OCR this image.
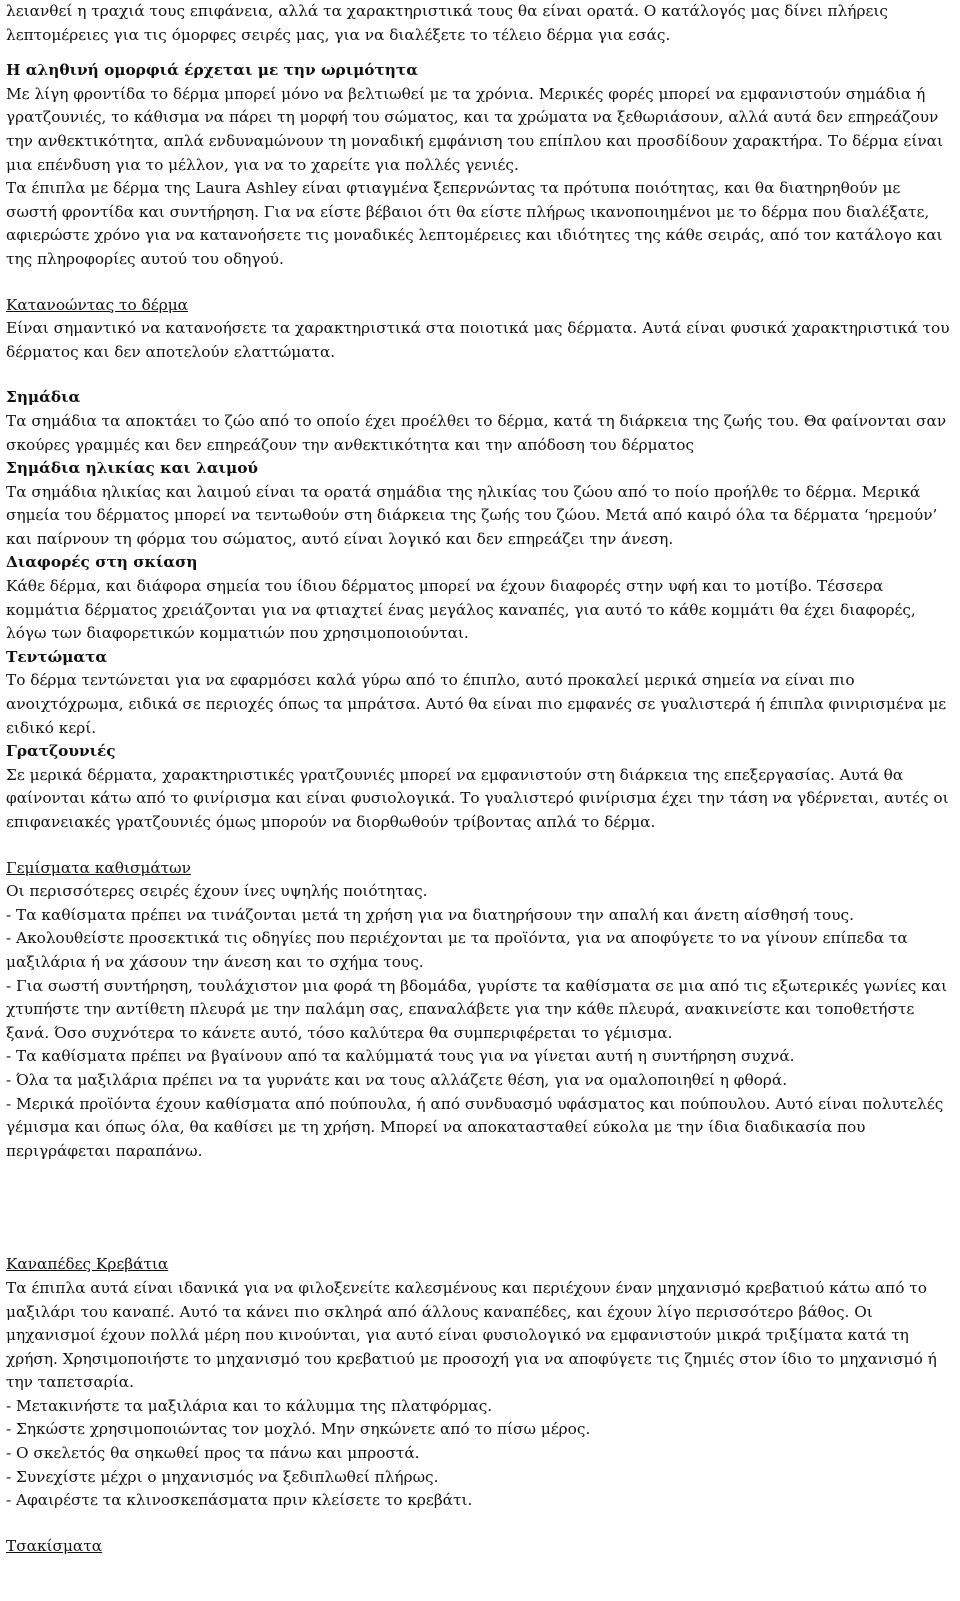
λειανθεί η τραχιά τους επιφάνεια, αλλά τα χαρακτηριστικά τους θα είναι ορατά. Ο κατάλογός μας δίνει πλήρεις

λεπτομέρειες για τις όμορφες σειρές μας, για να διαλέξετε το τέλειο δέρμα για εσάς.

Η αληθινή ομορφιά έρχεται με την ωριμότητα

Με λίγη φροντίδα το δέρμα μπορεί μόνο να βελτιωθεί με τα χρόνια. Μερικές φορές μπορεί να εμφανιστούν σημάδια ή γρατζουνιές, το κάθισμα να πάρει τη μορφή του σώματος, και τα χρώματα να ξεθωριάσουν, αλλά αυτά δεν επηρεάζουν την ανθεκτικότητα, απλά ενδυναμώνουν τη μοναδική εμφάνιση του επίπλου και προσδίδουν χαρακτήρα. Το δέρμα είναι μια επένδυση για το μέλλον, για να το χαρείτε για πολλές γενιές.

Τα έπιπλα με δέρμα της Laura Ashley είναι φτιαγμένα ξεπερνώντας τα πρότυπα ποιότητας, και θα διατηρηθούν με σωστή φροντίδα και συντήρηση. Για να είστε βέβαιοι ότι θα είστε πλήρως ικανοποιημένοι με το δέρμα που διαλέξατε, αφιερώστε χρόνο για να κατανοήσετε τις μοναδικές λεπτομέρειες και ιδιότητες της κάθε σειράς, από τον κατάλογο και της πληροφορίες αυτού του οδηγού.

Κατανοώντας το δέρμα

Είναι σημαντικό να κατανοήσετε τα χαρακτηριστικά στα ποιοτικά μας δέρματα. Αυτά είναι φυσικά χαρακτηριστικά του δέρματος και δεν αποτελούν ελαττώματα.

Σημάδια

Τα σημάδια τα αποκτάει το ζώο από το οποίο έχει προέλθει το δέρμα, κατά τη διάρκεια της ζωής του. Θα φαίνονται σαν σκούρες γραμμές και δεν επηρεάζουν την ανθεκτικότητα και την απόδοση του δέρματος

Σημάδια ηλικίας και λαιμού

Τα σημάδια ηλικίας και λαιμού είναι τα ορατά σημάδια της ηλικίας του ζώου από το ποίο προήλθε το δέρμα. Μερικά σημεία του δέρματος μπορεί να τεντωθούν στη διάρκεια της ζωής του ζώου. Μετά από καιρό όλα τα δέρματα ‘ηρεμούν’ και παίρνουν τη φόρμα του σώματος, αυτό είναι λογικό και δεν επηρεάζει την άνεση.

Διαφορές στη σκίαση

Κάθε δέρμα, και διάφορα σημεία του ίδιου δέρματος μπορεί να έχουν διαφορές στην υφή και το μοτίβο. Τέσσερα κομμάτια δέρματος χρειάζονται για να φτιαχτεί ένας μεγάλος καναπές, για αυτό το κάθε κομμάτι θα έχει διαφορές, λόγω των διαφορετικών κομματιών που χρησιμοποιούνται.

Τεντώματα

Το δέρμα τεντώνεται για να εφαρμόσει καλά γύρω από το έπιπλο, αυτό προκαλεί μερικά σημεία να είναι πιο ανοιχτόχρωμα, ειδικά σε περιοχές όπως τα μπράτσα. Αυτό θα είναι πιο εμφανές σε γυαλιστερά ή έπιπλα φινιρισμένα με ειδικό κερί.

Γρατζουνιές

Σε μερικά δέρματα, χαρακτηριστικές γρατζουνιές μπορεί να εμφανιστούν στη διάρκεια της επεξεργασίας. Αυτά θα φαίνονται κάτω από το φινίρισμα και είναι φυσιολογικά. Το γυαλιστερό φινίρισμα έχει την τάση να γδέρνεται, αυτές οι επιφανειακές γρατζουνιές όμως μπορούν να διορθωθούν τρίβοντας απλά το δέρμα.

Γεμίσματα καθισμάτων

Οι περισσότερες σειρές έχουν ίνες υψηλής ποιότητας.

- Τα καθίσματα πρέπει να τινάζονται μετά τη χρήση για να διατηρήσουν την απαλή και άνετη αίσθησή τους.

- Ακολουθείστε προσεκτικά τις οδηγίες που περιέχονται με τα προϊόντα, για να αποφύγετε το να γίνουν επίπεδα τα μαξιλάρια ή να χάσουν την άνεση και το σχήμα τους.

- Για σωστή συντήρηση, τουλάχιστον μια φορά τη βδομάδα, γυρίστε τα καθίσματα σε μια από τις εξωτερικές γωνίες και χτυπήστε την αντίθετη πλευρά με την παλάμη σας, επαναλάβετε για την κάθε πλευρά, ανακινείστε και τοποθετήστε ξανά. Όσο συχνότερα το κάνετε αυτό, τόσο καλύτερα θα συμπεριφέρεται το γέμισμα.

- Τα καθίσματα πρέπει να βγαίνουν από τα καλύμματά τους για να γίνεται αυτή η συντήρηση συχνά.

- Όλα τα μαξιλάρια πρέπει να τα γυρνάτε και να τους αλλάζετε θέση, για να ομαλοποιηθεί η φθορά.

- Μερικά προϊόντα έχουν καθίσματα από πούπουλα, ή από συνδυασμό υφάσματος και πούπουλου. Αυτό είναι πολυτελές γέμισμα και όπως όλα, θα καθίσει με τη χρήση. Μπορεί να αποκατασταθεί εύκολα με την ίδια διαδικασία που περιγράφεται παραπάνω.

Καναπέδες Κρεβάτια

Τα έπιπλα αυτά είναι ιδανικά για να φιλοξενείτε καλεσμένους και περιέχουν έναν μηχανισμό κρεβατιού κάτω από το μαξιλάρι του καναπέ. Αυτό τα κάνει πιο σκληρά από άλλους καναπέδες, και έχουν λίγο περισσότερο βάθος. Οι μηχανισμοί έχουν πολλά μέρη που κινούνται, για αυτό είναι φυσιολογικό να εμφανιστούν μικρά τριξίματα κατά τη χρήση. Χρησιμοποιήστε το μηχανισμό του κρεβατιού με προσοχή για να αποφύγετε τις ζημιές στον ίδιο το μηχανισμό ή την ταπετσαρία.

- Μετακινήστε τα μαξιλάρια και το κάλυμμα της πλατφόρμας.

- Σηκώστε χρησιμοποιώντας τον μοχλό. Μην σηκώνετε από το πίσω μέρος.

- Ο σκελετός θα σηκωθεί προς τα πάνω και μπροστά.

- Συνεχίστε μέχρι ο μηχανισμός να ξεδιπλωθεί πλήρως.

- Αφαιρέστε τα κλινοσκεπάσματα πριν κλείσετε το κρεβάτι.

Τσακίσματα
